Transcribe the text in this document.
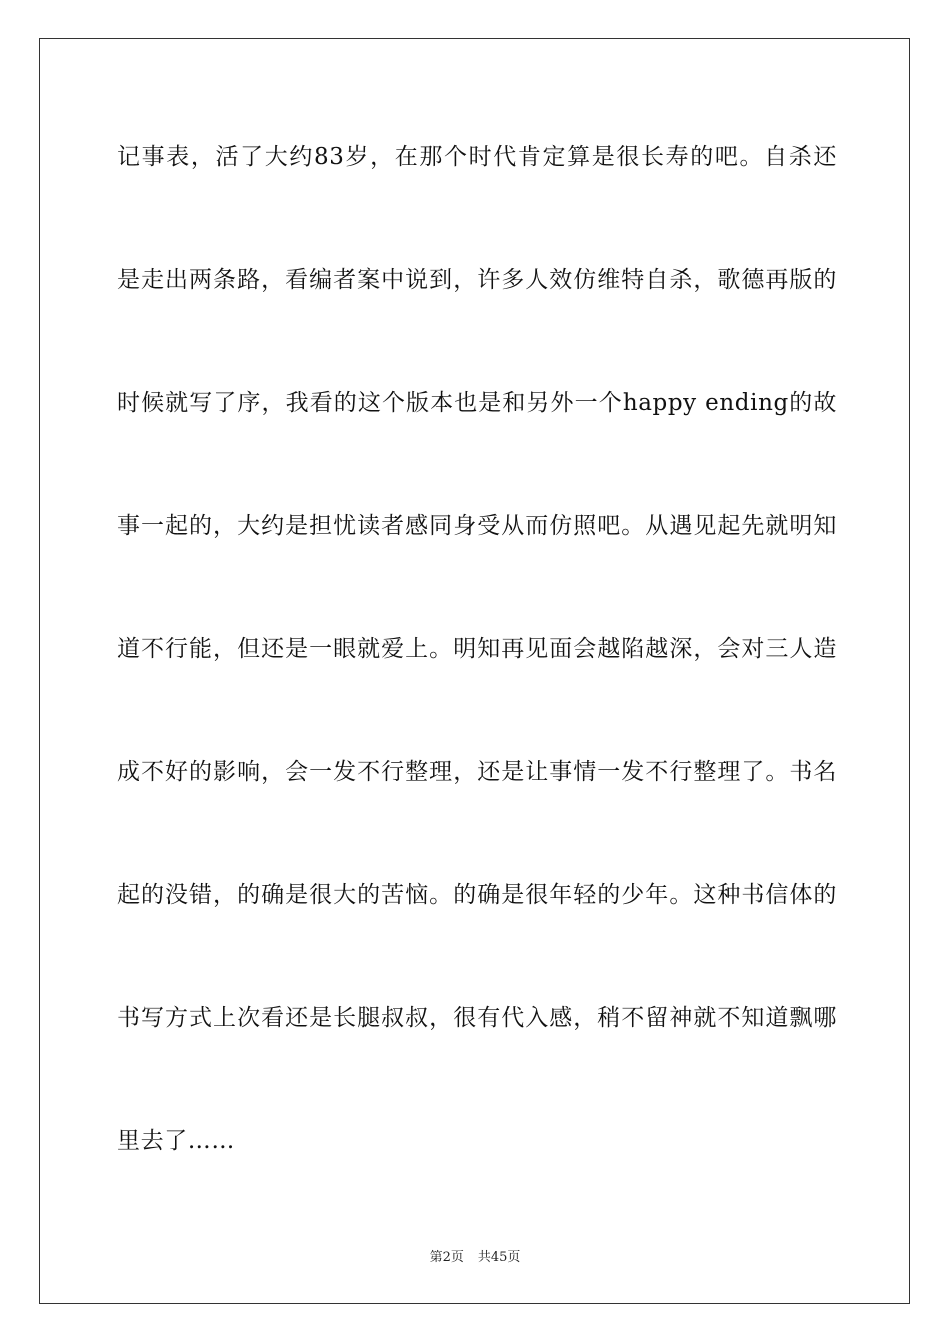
记事表，活了大约83岁，在那个时代肯定算是很长寿的吧。自杀还
是走出两条路，看编者案中说到，许多人效仿维特自杀，歌德再版的
时候就写了序，我看的这个版本也是和另外一个happy ending的故
事一起的，大约是担忧读者感同身受从而仿照吧。从遇见起先就明知
道不行能，但还是一眼就爱上。明知再见面会越陷越深，会对三人造
成不好的影响，会一发不行整理，还是让事情一发不行整理了。书名
起的没错，的确是很大的苦恼。的确是很年轻的少年。这种书信体的
书写方式上次看还是长腿叔叔，很有代入感，稍不留神就不知道飘哪
里去了……
第2页 共45页
